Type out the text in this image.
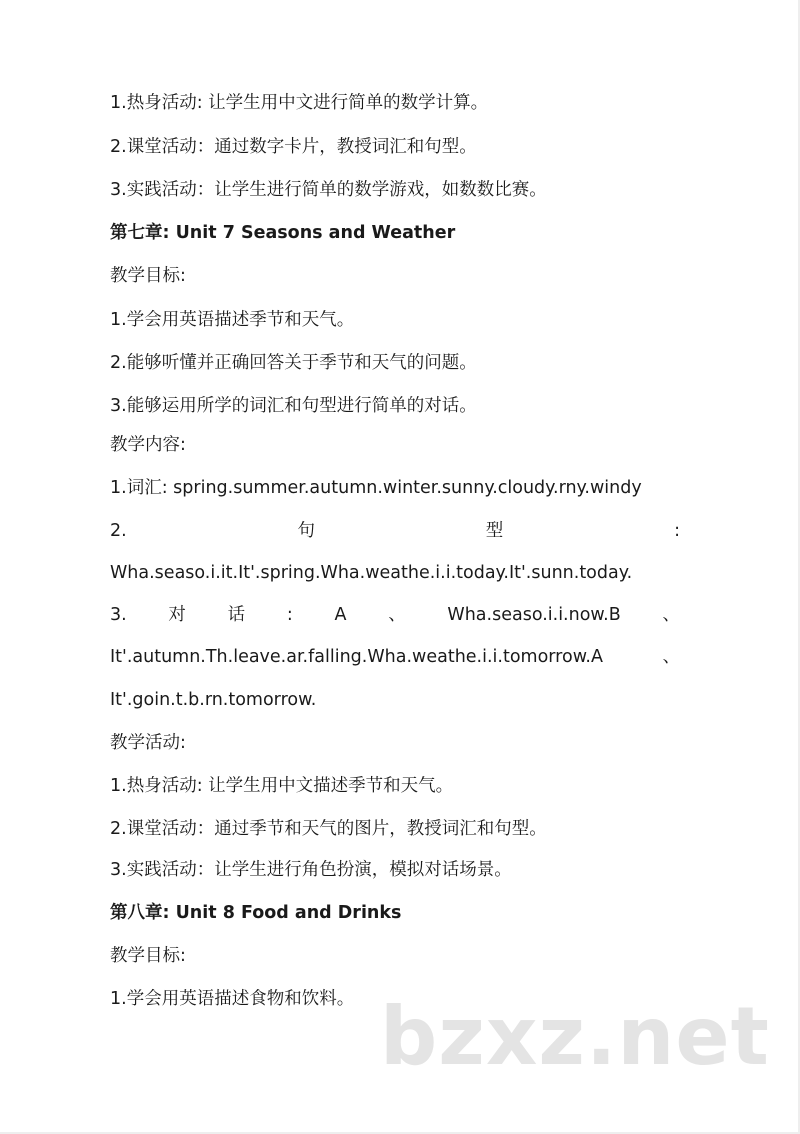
1.热身活动: 让学生用中文进行简单的数学计算。
2.课堂活动：通过数字卡片，教授词汇和句型。
3.实践活动：让学生进行简单的数学游戏，如数数比赛。
第七章: Unit 7 Seasons and Weather
教学目标:
1.学会用英语描述季节和天气。
2.能够听懂并正确回答关于季节和天气的问题。
3.能够运用所学的词汇和句型进行简单的对话。
教学内容:
1.词汇: spring.summer.autumn.winter.sunny.cloudy.rny.windy
2.	句	型	:
Wha.seaso.i.it.It'.spring.Wha.weathe.i.i.today.It'.sunn.today.
3. 对 话 : A 、 Wha.seaso.i.i.now.B 、
It'.autumn.Th.leave.ar.falling.Wha.weathe.i.i.tomorrow.A	、
It'.goin.t.b.rn.tomorrow.
教学活动:
1.热身活动: 让学生用中文描述季节和天气。
2.课堂活动：通过季节和天气的图片，教授词汇和句型。
3.实践活动：让学生进行角色扮演，模拟对话场景。
第八章: Unit 8 Food and Drinks
教学目标:
1.学会用英语描述食物和饮料。 bzxz.net
